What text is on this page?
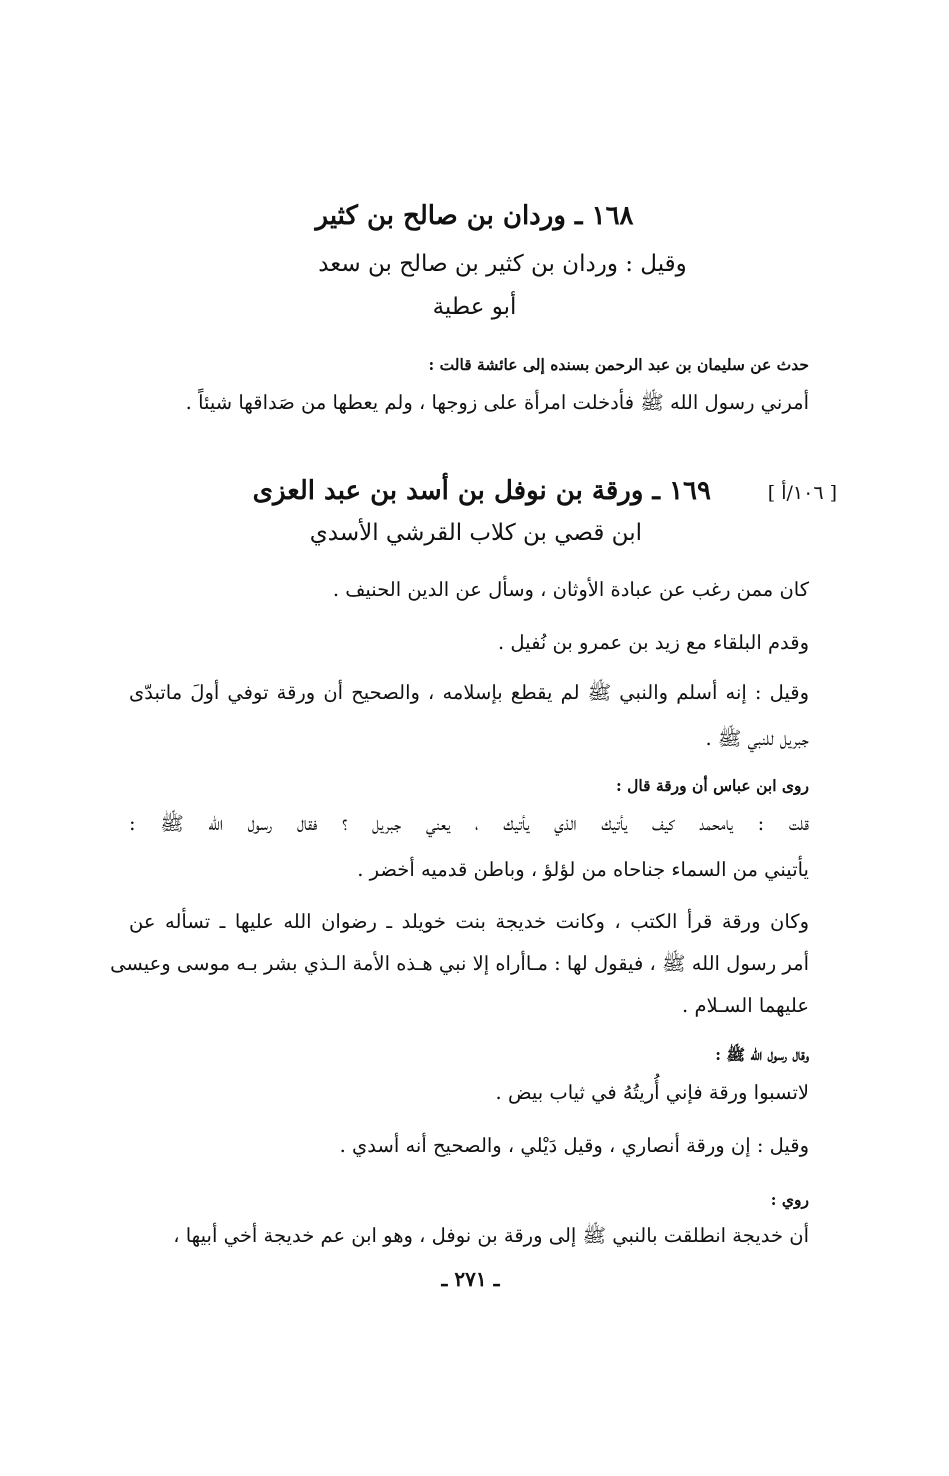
١٦٨ ـ وردان بن صالح بن كثير
وقيل : وردان بن كثير بن صالح بن سعد
أبو عطية
حدث عن سليمان بن عبد الرحمن بسنده إلى عائشة قالت :
أمرني رسول الله ﷺ فأدخلت امرأة على زوجها ، ولم يعطها من صَداقها شيئاً .
[ ١٠٦/أ ]
١٦٩ ـ ورقة بن نوفل بن أسد بن عبد العزى
ابن قصي بن كلاب القرشي الأسدي
كان ممن رغب عن عبادة الأوثان ، وسأل عن الدين الحنيف .
وقدم البلقاء مع زيد بن عمرو بن نُفيل .
وقيل : إنه أسلم والنبي ﷺ لم يقطع بإسلامه ، والصحيح أن ورقة توفي أولَ ماتبدّى
جبريل للنبي ﷺ .
روى ابن عباس أن ورقة قال :
قلت : يامحمد كيف يأتيك الذي يأتيك ، يعني جبريل ؟ فقال رسول الله ﷺ :
يأتيني من السماء جناحاه من لؤلؤ ، وباطن قدميه أخضر .
وكان ورقة قرأ الكتب ، وكانت خديجة بنت خويلد ـ رضوان الله عليها ـ تسأله عن
أمر رسول الله ﷺ ، فيقول لها : مـاأراه إلا نبي هـذه الأمة الـذي بشر بـه موسى وعيسى
عليهما السـلام .
وقال رسول الله ﷺ :
لاتسبوا ورقة فإني أُريتُهُ في ثياب بيض .
وقيل : إن ورقة أنصاري ، وقيل دَيْلي ، والصحيح أنه أسدي .
روي :
أن خديجة انطلقت بالنبي ﷺ إلى ورقة بن نوفل ، وهو ابن عم خديجة أخي أبيها ،
ـ ٢٧١ ـ
